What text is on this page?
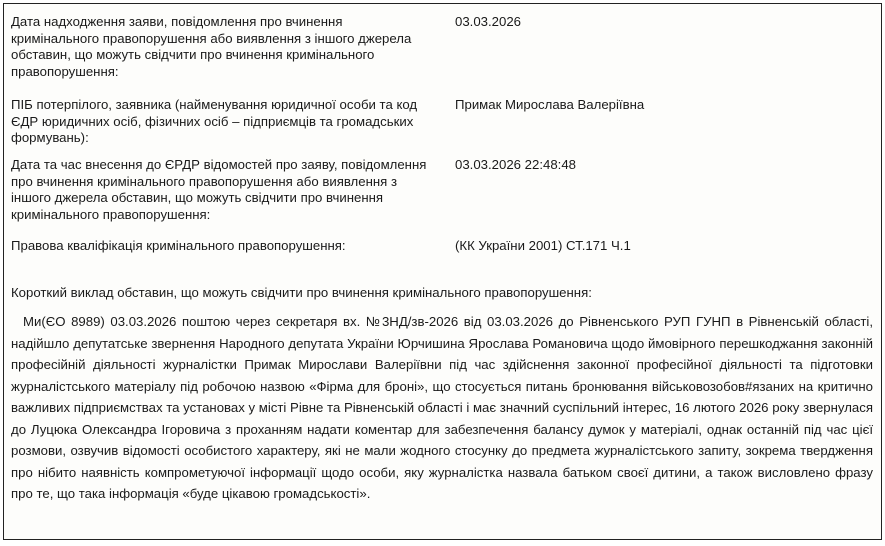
Дата надходження заяви, повідомлення про вчинення кримінального правопорушення або виявлення з іншого джерела обставин, що можуть свідчити про вчинення кримінального правопорушення:
03.03.2026
ПІБ потерпілого, заявника (найменування юридичної особи та код ЄДР юридичних осіб, фізичних осіб – підприємців та громадських формувань):
Примак Мирослава Валеріївна
Дата та час внесення до ЄРДР відомостей про заяву, повідомлення про вчинення кримінального правопорушення або виявлення з іншого джерела обставин, що можуть свідчити про вчинення кримінального правопорушення:
03.03.2026 22:48:48
Правова кваліфікація кримінального правопорушення:	(КК України 2001) СТ.171 Ч.1
Короткий виклад обставин, що можуть свідчити про вчинення кримінального правопорушення:

Ми(ЄО 8989) 03.03.2026 поштою через секретаря вх. №3НД/зв-2026 від 03.03.2026 до Рівненського РУП ГУНП в Рівненській області, надійшло депутатське звернення Народного депутата України Юрчишина Ярослава Романовича щодо ймовірного перешкоджання законній професійній діяльності журналістки Примак Мирослави Валеріївни під час здійснення законної професійної діяльності та підготовки журналістського матеріалу під робочою назвою «Фірма для броні», що стосується питань бронювання військовозобов#язаних на критично важливих підприємствах та установах у місті Рівне та Рівненській області і має значний суспільний інтерес, 16 лютого 2026 року звернулася до Луцюка Олександра Ігоровича з проханням надати коментар для забезпечення балансу думок у матеріалі, однак останній під час цієї розмови, озвучив відомості особистого характеру, які не мали жодного стосунку до предмета журналістського запиту, зокрема твердження про нібито наявність компрометуючої інформації щодо особи, яку журналістка назвала батьком своєї дитини, а також висловлено фразу про те, що така інформація «буде цікавою громадськості».
